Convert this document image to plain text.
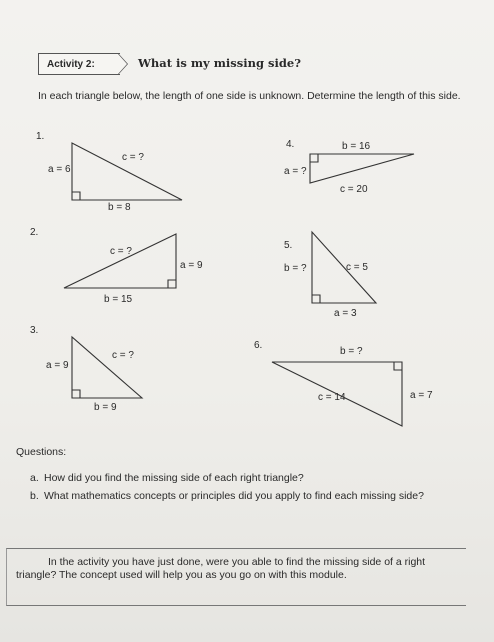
Activity 2:	What is my missing side?
In each triangle below, the length of one side is unknown. Determine the length of this side.
1.
a = 6
c = ?
b = 8
2.
c = ?
a = 9
b = 15
3.
a = 9
c = ?
b = 9
4.	b = 16
a = ?
c = 20
5.
b = ?	c = 5
a = 3
6.
b = ?
c = 14	a = 7
Questions:
a. How did you find the missing side of each right triangle?
b. What mathematics concepts or principles did you apply to find each missing side?
In the activity you have just done, were you able to find the missing side of a right triangle? The concept used will help you as you go on with this module.
